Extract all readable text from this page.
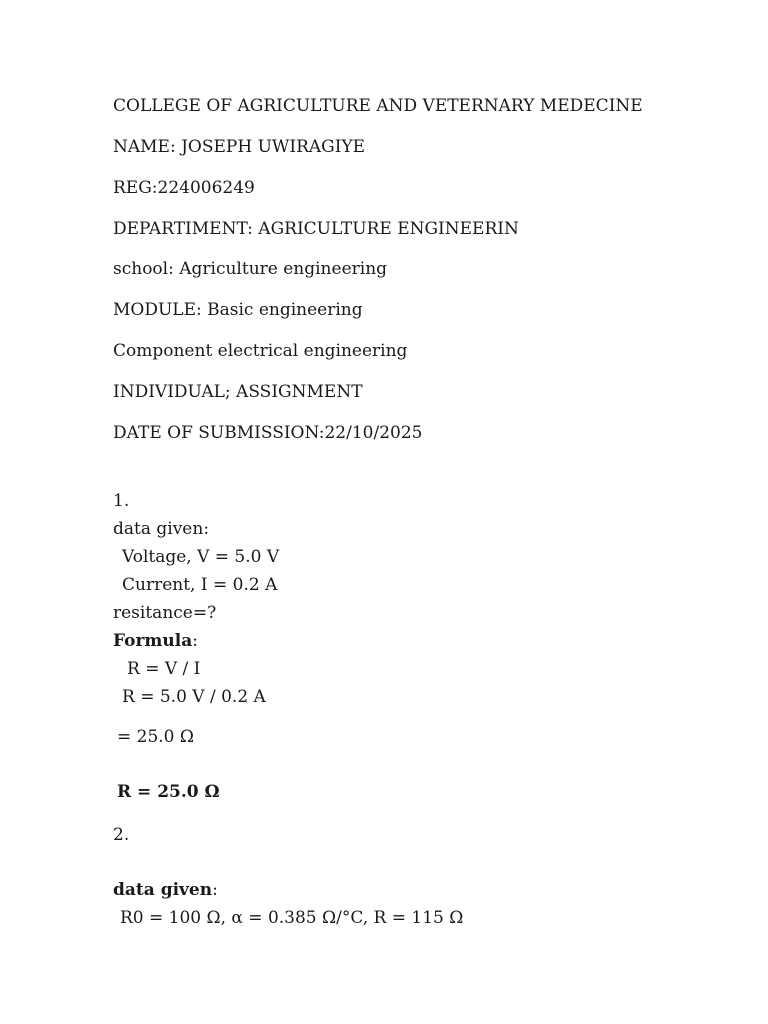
COLLEGE OF AGRICULTURE AND VETERNARY MEDECINE
NAME: JOSEPH UWIRAGIYE
REG:224006249
DEPARTIMENT: AGRICULTURE ENGINEERIN
school: Agriculture engineering
MODULE: Basic engineering
Component electrical engineering
INDIVIDUAL; ASSIGNMENT
DATE OF SUBMISSION:22/10/2025
1.
data given:
Voltage, V = 5.0 V
Current, I = 0.2 A
resitance=?
Formula:
R = V / I
R = 5.0 V / 0.2 A
= 25.0 Ω
R = 25.0 Ω
2.
data given:
R0 = 100 Ω, α = 0.385 Ω/°C, R = 115 Ω
